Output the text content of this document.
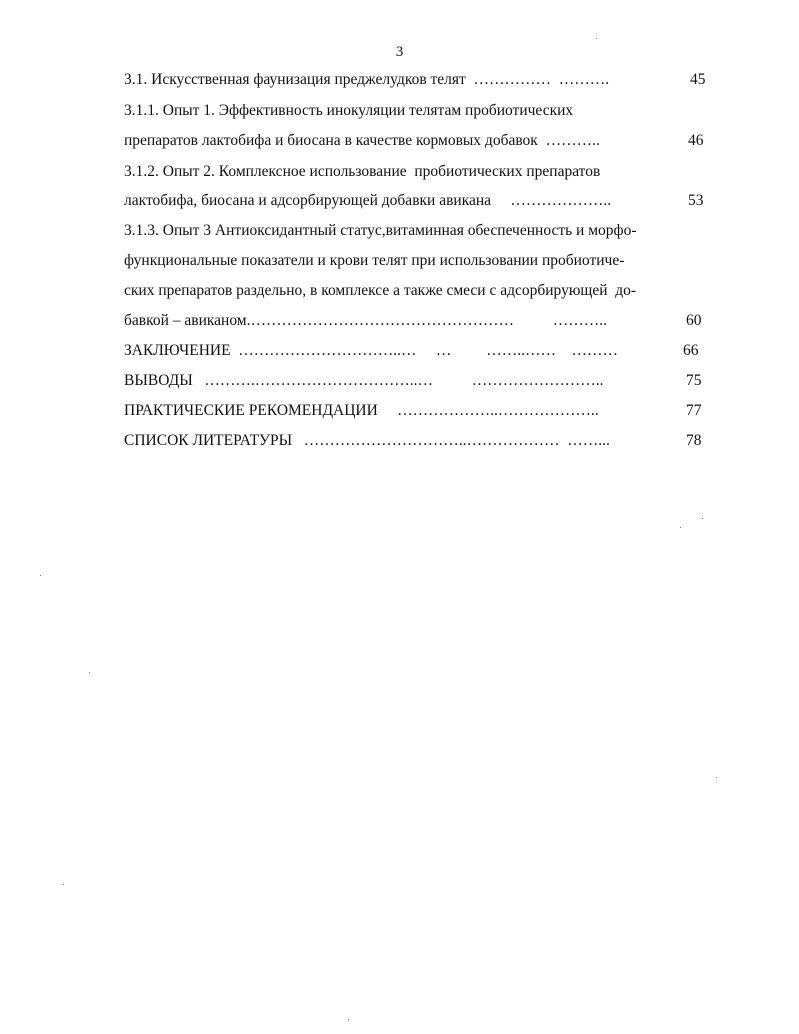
3
3.1. Искусственная фаунизация преджелудков телят  ……………  ……….	45
3.1.1. Опыт 1. Эффективность инокуляции телятам пробиотических
препаратов лактобифа и биосана в качестве кормовых добавок  ………..	46
3.1.2. Опыт 2. Комплексное использование  пробиотических препаратов
лактобифа, биосана и адсорбирующей добавки авикана     ………………..	53
3.1.3. Опыт 3 Антиоксидантный статус,витаминная обеспеченность и морфо-
функциональные показатели и крови телят при использовании пробиотиче-
ских препаратов раздельно, в комплексе а также смеси с адсорбирующей  до-
бавкой – авиканом.……………………………………………          ………..	60
ЗАКЛЮЧЕНИЕ  …………………………..…     …         ……..……    ………	66
ВЫВОДЫ   ……….…………………………..…          ……………………..	75
ПРАКТИЧЕСКИЕ РЕКОМЕНДАЦИИ     ………………..………………..	77
СПИСОК ЛИТЕРАТУРЫ   …………………………..………………  ……...	78
